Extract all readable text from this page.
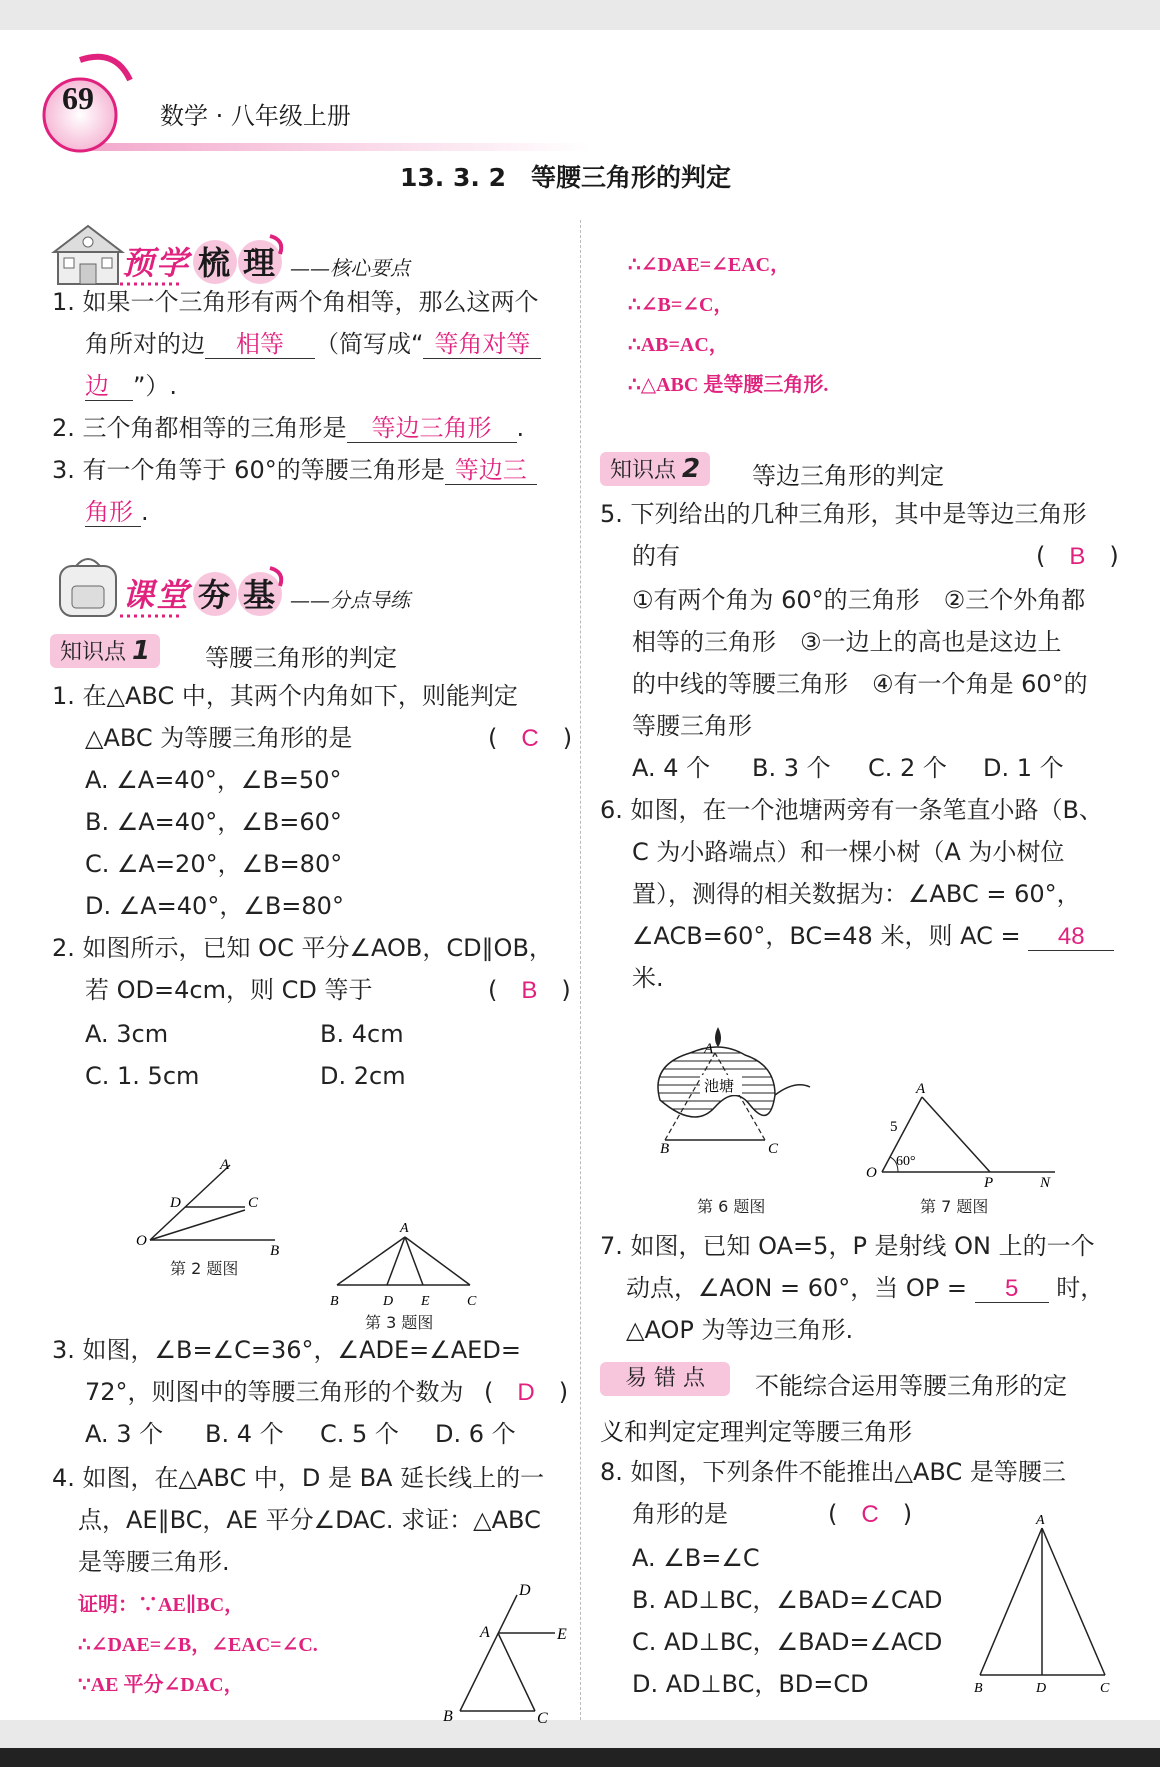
69	数学 · 八年级上册
13. 3. 2　等腰三角形的判定
预学 梳 理 ——核心要点
1. 如果一个三角形有两个角相等，那么这两个
角所对的边 相等 （简写成“ 等角对等
边 ”）.
2. 三个角都相等的三角形是 等边三角形 .
3. 有一个角等于 60°的等腰三角形是 等边三
角形 .
课堂 夯 基 ——分点导练
知识点 1	等腰三角形的判定
1. 在△ABC 中，其两个内角如下，则能判定
△ABC 为等腰三角形的是	(　C　)
A. ∠A=40°，∠B=50°
B. ∠A=40°，∠B=60°
C. ∠A=20°，∠B=80°
D. ∠A=40°，∠B=80°
2. 如图所示，已知 OC 平分∠AOB，CD∥OB，
若 OD=4cm，则 CD 等于	(　B　)
A. 3cm	B. 4cm
C. 1. 5cm	D. 2cm
A
D	C
O
B
第 2 题图
A
B	D E	C
第 3 题图
3. 如图，∠B=∠C=36°，∠ADE=∠AED=
72°，则图中的等腰三角形的个数为 (　D　)
A. 3 个 B. 4 个 C. 5 个 D. 6 个
4. 如图，在△ABC 中，D 是 BA 延长线上的一
点，AE∥BC，AE 平分∠DAC. 求证：△ABC
是等腰三角形.
证明：∵AE∥BC，
∴∠DAE=∠B，∠EAC=∠C.
∵AE 平分∠DAC，
D
A	E
B	C
∴∠DAE=∠EAC，
∴∠B=∠C，
∴AB=AC，
∴△ABC 是等腰三角形.
知识点 2	等边三角形的判定
5. 下列给出的几种三角形，其中是等边三角形
的有	(　B　)
①有两个角为 60°的三角形　②三个外角都
相等的三角形　③一边上的高也是这边上
的中线的等腰三角形　④有一个角是 60°的
等腰三角形
A. 4 个 B. 3 个 C. 2 个 D. 1 个
6. 如图，在一个池塘两旁有一条笔直小路（B、
C 为小路端点）和一棵小树（A 为小树位
置），测得的相关数据为：∠ABC = 60°，
∠ACB=60°，BC=48 米，则 AC = 48
米.
池塘
A
B	C
第 6 题图
A
O
P	N
5
60°
第 7 题图
7. 如图，已知 OA=5，P 是射线 ON 上的一个
动点，∠AON = 60°，当 OP = 5 时，
△AOP 为等边三角形.
易 错 点	不能综合运用等腰三角形的定
义和判定定理判定等腰三角形
8. 如图，下列条件不能推出△ABC 是等腰三
角形的是	(　C　)
A. ∠B=∠C
B. AD⊥BC，∠BAD=∠CAD
C. AD⊥BC，∠BAD=∠ACD
D. AD⊥BC，BD=CD
A
B	D	C
